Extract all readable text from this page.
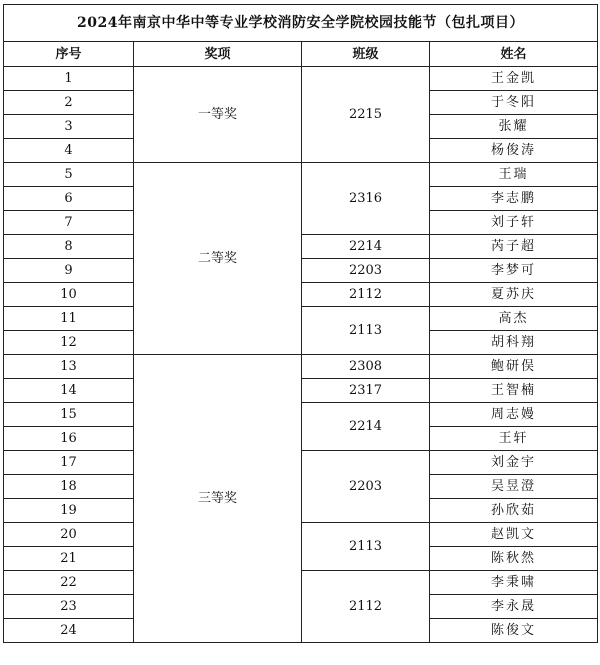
2024年南京中华中等专业学校消防安全学院校园技能节（包扎项目）			
序号	奖项	班级	姓名
1	一等奖	2215	王金凯
2			于冬阳
3			张耀
4			杨俊涛
5	二等奖	2316	王瑞
6			李志鹏
7			刘子轩
8		2214	芮子超
9		2203	李梦可
10		2112	夏苏庆
11		2113	高杰
12			胡科翔
13	三等奖	2308	鲍研俣
14		2317	王智楠
15		2214	周志嫚
16			王轩
17		2203	刘金宇
18			吴昱澄
19			孙欣茹
20		2113	赵凯文
21			陈秋然
22		2112	李秉啸
23			李永晟
24			陈俊文
